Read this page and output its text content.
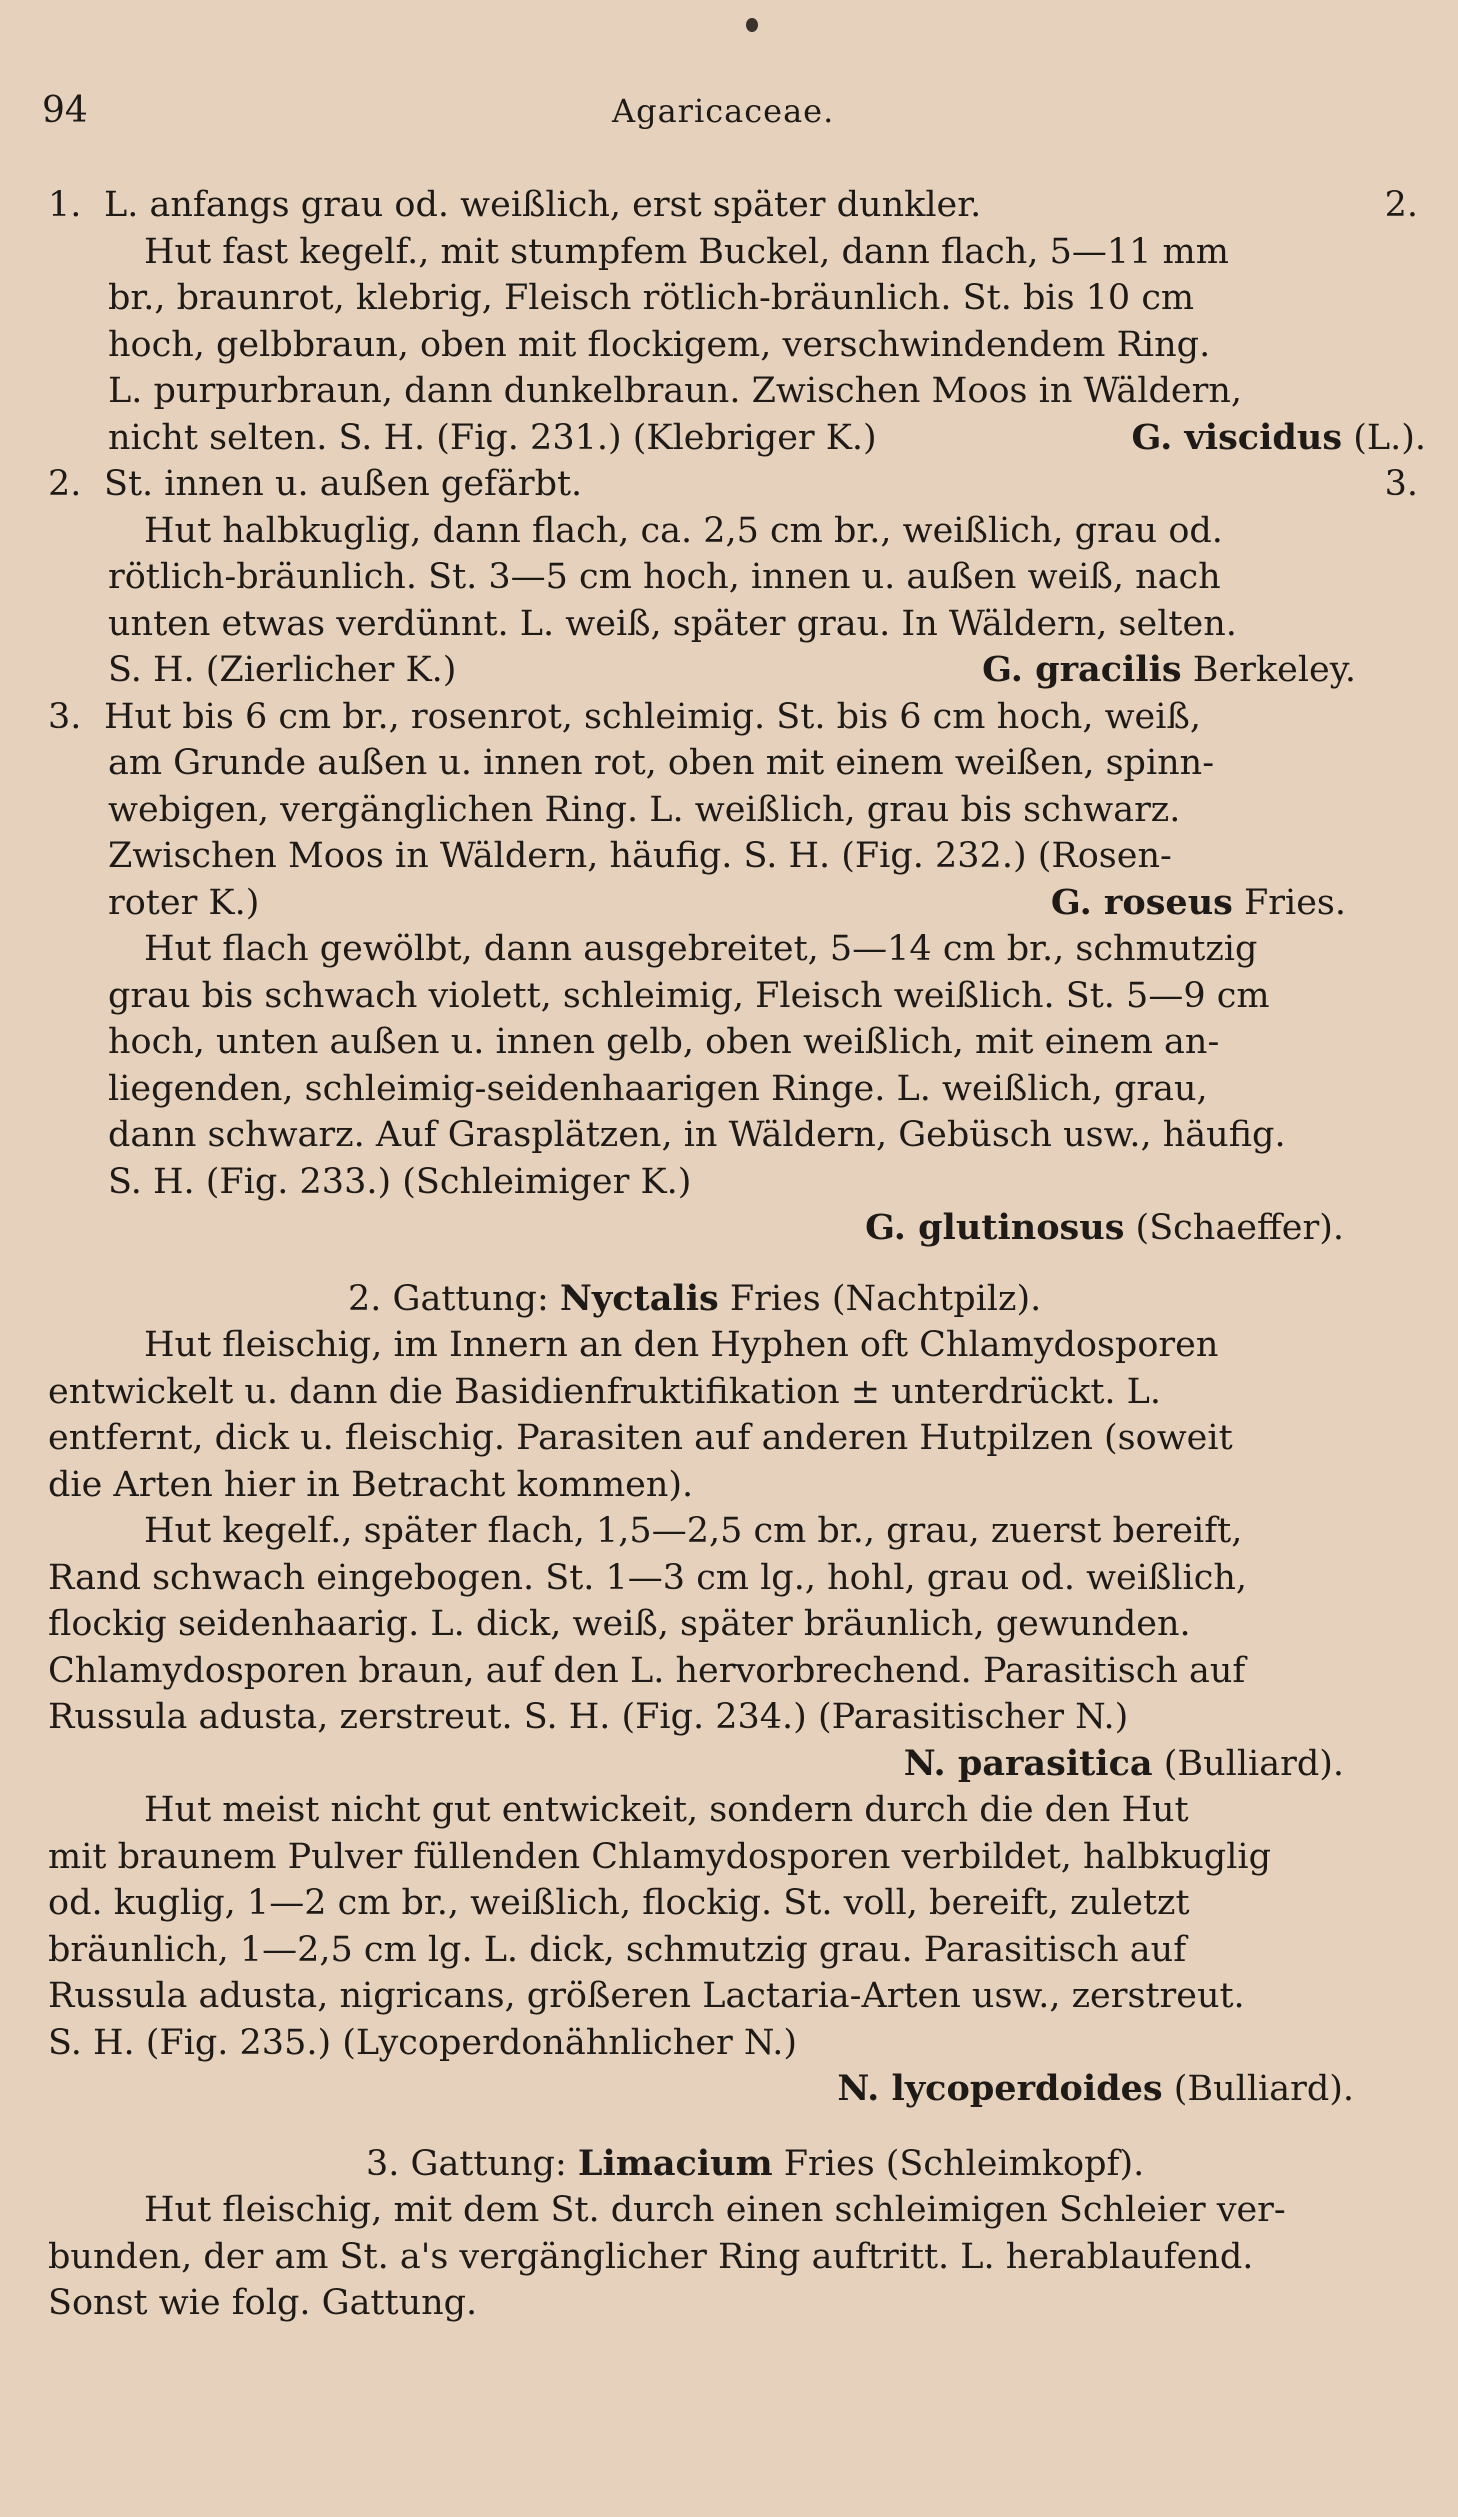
94	Agaricaceae.
1. L. anfangs grau od. weißlich, erst später dunkler.	2.
Hut fast kegelf., mit stumpfem Buckel, dann flach, 5—11 mm
br., braunrot, klebrig, Fleisch rötlich-bräunlich. St. bis 10 cm
hoch, gelbbraun, oben mit flockigem, verschwindendem Ring.
L. purpurbraun, dann dunkelbraun. Zwischen Moos in Wäldern,
nicht selten. S. H. (Fig. 231.) (Klebriger K.)	G. viscidus (L.).
2. St. innen u. außen gefärbt.	3.
Hut halbkuglig, dann flach, ca. 2,5 cm br., weißlich, grau od.
rötlich-bräunlich. St. 3—5 cm hoch, innen u. außen weiß, nach
unten etwas verdünnt. L. weiß, später grau. In Wäldern, selten.
S. H. (Zierlicher K.)	G. gracilis Berkeley.
3. Hut bis 6 cm br., rosenrot, schleimig. St. bis 6 cm hoch, weiß,
am Grunde außen u. innen rot, oben mit einem weißen, spinn-
webigen, vergänglichen Ring. L. weißlich, grau bis schwarz.
Zwischen Moos in Wäldern, häufig. S. H. (Fig. 232.) (Rosen-
roter K.)	G. roseus Fries.
Hut flach gewölbt, dann ausgebreitet, 5—14 cm br., schmutzig
grau bis schwach violett, schleimig, Fleisch weißlich. St. 5—9 cm
hoch, unten außen u. innen gelb, oben weißlich, mit einem an-
liegenden, schleimig-seidenhaarigen Ringe. L. weißlich, grau,
dann schwarz. Auf Grasplätzen, in Wäldern, Gebüsch usw., häufig.
S. H. (Fig. 233.) (Schleimiger K.)
G. glutinosus (Schaeffer).
2. Gattung: Nyctalis Fries (Nachtpilz).
Hut fleischig, im Innern an den Hyphen oft Chlamydosporen
entwickelt u. dann die Basidienfruktifikation ± unterdrückt. L.
entfernt, dick u. fleischig. Parasiten auf anderen Hutpilzen (soweit
die Arten hier in Betracht kommen).
Hut kegelf., später flach, 1,5—2,5 cm br., grau, zuerst bereift,
Rand schwach eingebogen. St. 1—3 cm lg., hohl, grau od. weißlich,
flockig seidenhaarig. L. dick, weiß, später bräunlich, gewunden.
Chlamydosporen braun, auf den L. hervorbrechend. Parasitisch auf
Russula adusta, zerstreut. S. H. (Fig. 234.) (Parasitischer N.)
N. parasitica (Bulliard).
Hut meist nicht gut entwickeit, sondern durch die den Hut
mit braunem Pulver füllenden Chlamydosporen verbildet, halbkuglig
od. kuglig, 1—2 cm br., weißlich, flockig. St. voll, bereift, zuletzt
bräunlich, 1—2,5 cm lg. L. dick, schmutzig grau. Parasitisch auf
Russula adusta, nigricans, größeren Lactaria-Arten usw., zerstreut.
S. H. (Fig. 235.) (Lycoperdonähnlicher N.)
N. lycoperdoides (Bulliard).
3. Gattung: Limacium Fries (Schleimkopf).
Hut fleischig, mit dem St. durch einen schleimigen Schleier ver-
bunden, der am St. a's vergänglicher Ring auftritt. L. herablaufend.
Sonst wie folg. Gattung.
